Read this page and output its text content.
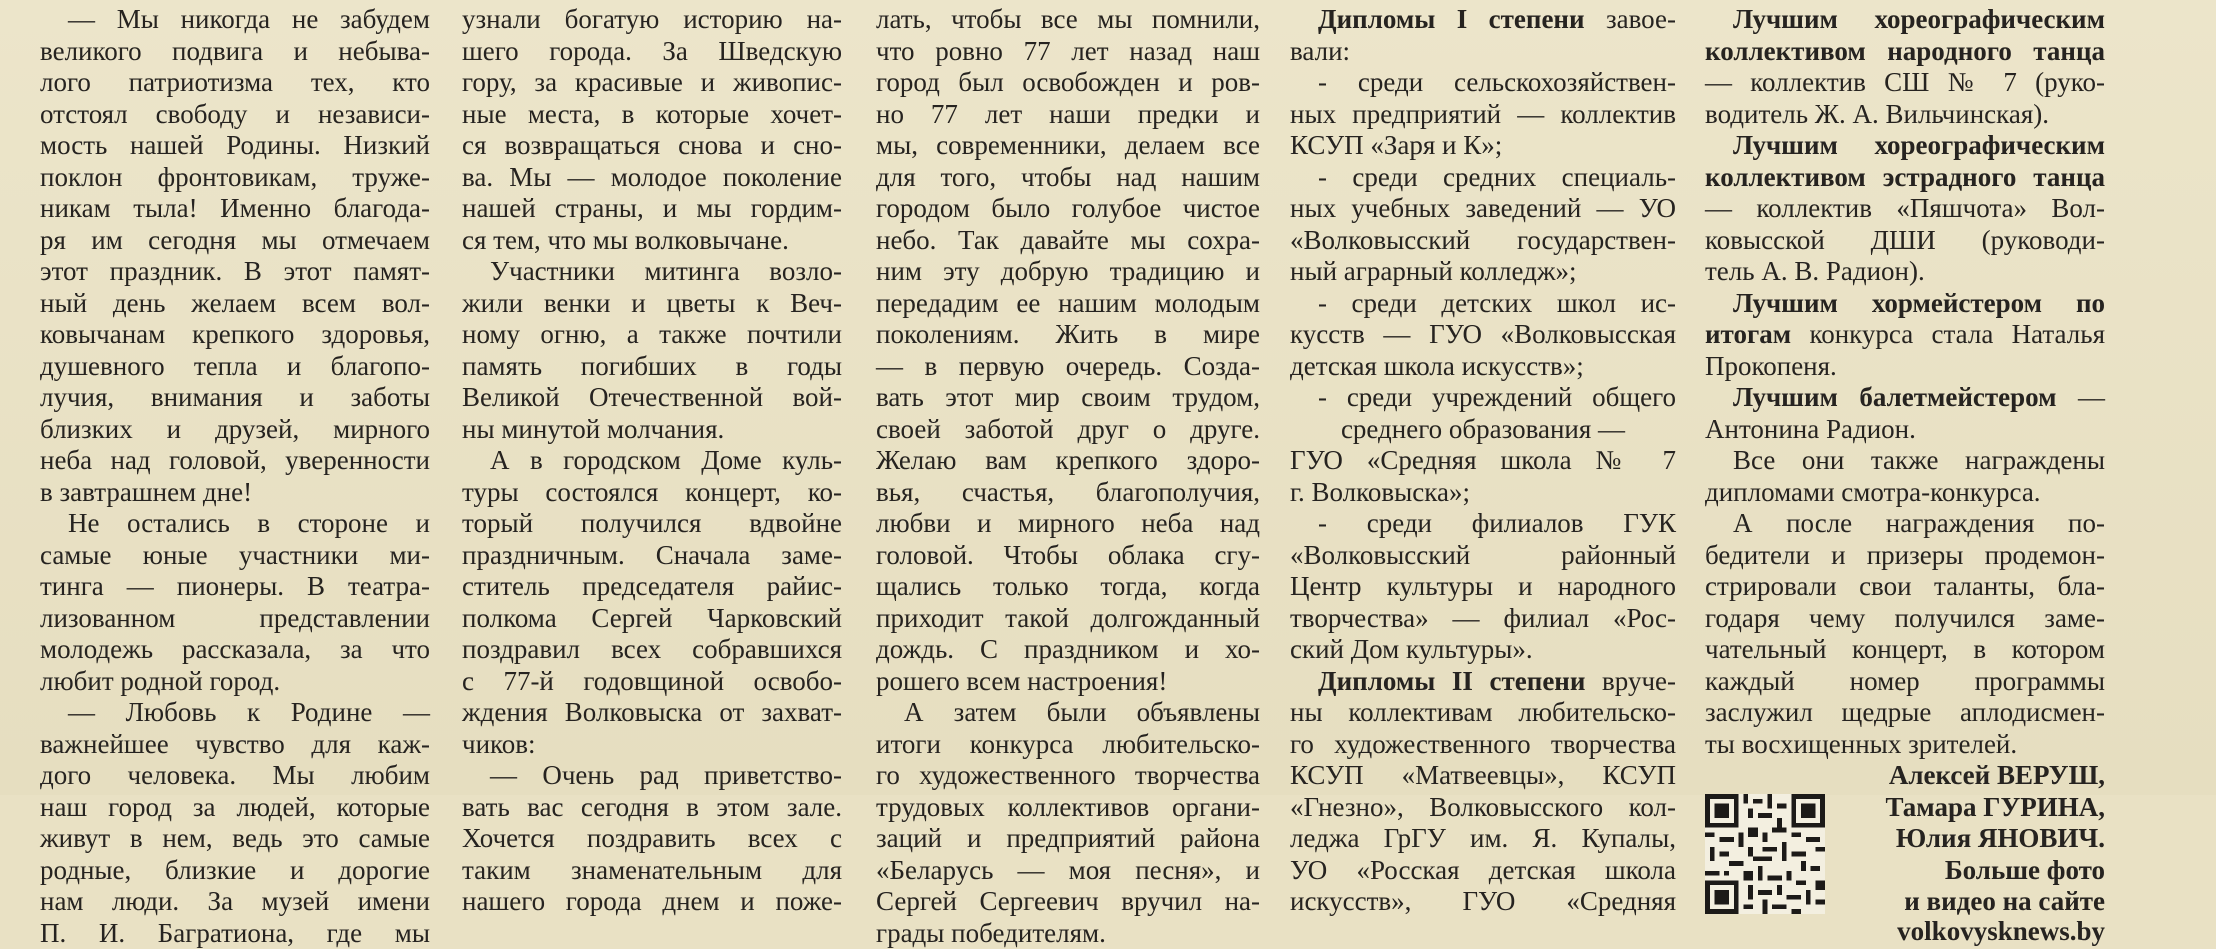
— Мы никогда не забудем
великого подвига и небыва-
лого патриотизма тех, кто
отстоял свободу и независи-
мость нашей Родины. Низкий
поклон фронтовикам, труже-
никам тыла! Именно благода-
ря им сегодня мы отмечаем
этот праздник. В этот памят-
ный день желаем всем вол-
ковычанам крепкого здоровья,
душевного тепла и благопо-
лучия, внимания и заботы
близких и друзей, мирного
неба над головой, уверенности
в завтрашнем дне!
Не остались в стороне и
самые юные участники ми-
тинга — пионеры. В театра-
лизованном представлении
молодежь рассказала, за что
любит родной город.
— Любовь к Родине —
важнейшее чувство для каж-
дого человека. Мы любим
наш город за людей, которые
живут в нем, ведь это самые
родные, близкие и дорогие
нам люди. За музей имени
П. И. Багратиона, где мы
узнали богатую историю на-
шего города. За Шведскую
гору, за красивые и живопис-
ные места, в которые хочет-
ся возвращаться снова и сно-
ва. Мы — молодое поколение
нашей страны, и мы гордим-
ся тем, что мы волковычане.
Участники митинга возло-
жили венки и цветы к Веч-
ному огню, а также почтили
память погибших в годы
Великой Отечественной вой-
ны минутой молчания.
А в городском Доме куль-
туры состоялся концерт, ко-
торый получился вдвойне
праздничным. Сначала заме-
ститель председателя райис-
полкома Сергей Чарковский
поздравил всех собравшихся
с 77-й годовщиной освобо-
ждения Волковыска от захват-
чиков:
— Очень рад приветство-
вать вас сегодня в этом зале.
Хочется поздравить всех с
таким знаменательным для
нашего города днем и поже-
лать, чтобы все мы помнили,
что ровно 77 лет назад наш
город был освобожден и ров-
но 77 лет наши предки и
мы, современники, делаем все
для того, чтобы над нашим
городом было голубое чистое
небо. Так давайте мы сохра-
ним эту добрую традицию и
передадим ее нашим молодым
поколениям. Жить в мире
— в первую очередь. Созда-
вать этот мир своим трудом,
своей заботой друг о друге.
Желаю вам крепкого здоро-
вья, счастья, благополучия,
любви и мирного неба над
головой. Чтобы облака сгу-
щались только тогда, когда
приходит такой долгожданный
дождь. С праздником и хо-
рошего всем настроения!
А затем были объявлены
итоги конкурса любительско-
го художественного творчества
трудовых коллективов органи-
заций и предприятий района
«Беларусь — моя песня», и
Сергей Сергеевич вручил на-
грады победителям.
Дипломы I степени завое-
вали:
- среди сельскохозяйствен-
ных предприятий — коллектив
КСУП «Заря и К»;
- среди средних специаль-
ных учебных заведений — УО
«Волковысский государствен-
ный аграрный колледж»;
- среди детских школ ис-
кусств — ГУО «Волковысская
детская школа искусств»;
- среди учреждений общего
среднего образования —
ГУО «Средняя школа № 7
г. Волковыска»;
- среди филиалов ГУК
«Волковысский районный
Центр культуры и народного
творчества» — филиал «Рос-
ский Дом культуры».
Дипломы II степени вруче-
ны коллективам любительско-
го художественного творчества
КСУП «Матвеевцы», КСУП
«Гнезно», Волковысского кол-
леджа ГрГУ им. Я. Купалы,
УО «Росская детская школа
искусств», ГУО «Средняя
Лучшим хореографическим
коллективом народного танца
— коллектив СШ № 7 (руко-
водитель Ж. А. Вильчинская).
Лучшим хореографическим
коллективом эстрадного танца
— коллектив «Пяшчота» Вол-
ковысской ДШИ (руководи-
тель А. В. Радион).
Лучшим хормейстером по
итогам конкурса стала Наталья
Прокопеня.
Лучшим балетмейстером —
Антонина Радион.
Все они также награждены
дипломами смотра-конкурса.
А после награждения по-
бедители и призеры продемон-
стрировали свои таланты, бла-
годаря чему получился заме-
чательный концерт, в котором
каждый номер программы
заслужил щедрые аплодисмен-
ты восхищенных зрителей.
Алексей ВЕРУШ,
Тамара ГУРИНА,
Юлия ЯНОВИЧ.
Больше фото
и видео на сайте
volkovysknews.by
